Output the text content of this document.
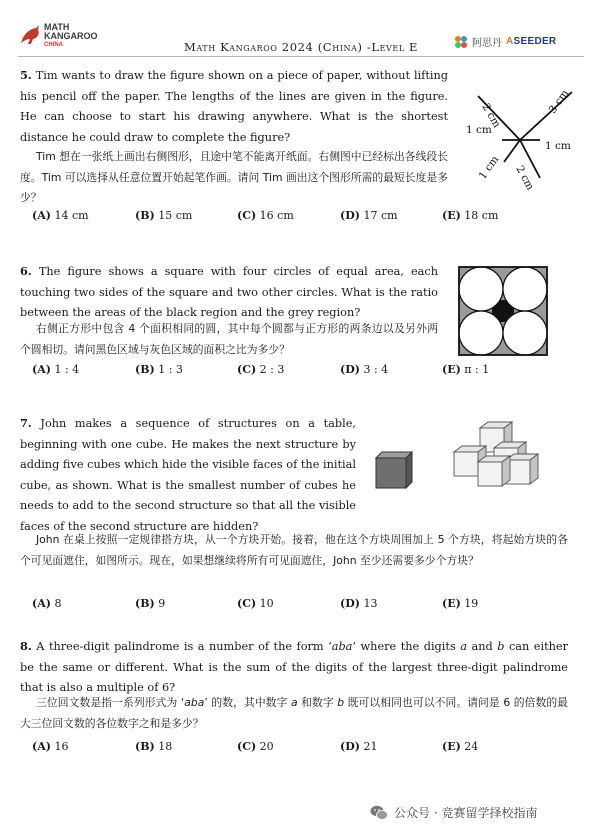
MATH
KANGAROO
CHINA	Math Kangaroo 2024 (China) -Level E	阿思丹 ASEEDER
5. Tim wants to draw the figure shown on a piece of paper, without lifting his pencil off the paper. The lengths of the lines are given in the figure. He can choose to start his drawing anywhere. What is the shortest distance he could draw to complete the figure?
Tim 想在一张纸上画出右侧图形，且途中笔不能离开纸面。右侧图中已经标出各线段长度。Tim 可以选择从任意位置开始起笔作画。请问 Tim 画出这个图形所需的最短长度是多少？
2 cm	3 cm
1 cm
1 cm
1 cm 2 cm
(A) 14 cm	(B) 15 cm	(C) 16 cm	(D) 17 cm	(E) 18 cm
6. The figure shows a square with four circles of equal area, each touching two sides of the square and two other circles. What is the ratio between the areas of the black region and the grey region?
右侧正方形中包含 4 个面积相同的圆，其中每个圆都与正方形的两条边以及另外两个圆相切。请问黑色区域与灰色区域的面积之比为多少？
(A) 1 : 4	(B) 1 : 3	(C) 2 : 3	(D) 3 : 4	(E) π : 1
7. John makes a sequence of structures on a table, beginning with one cube. He makes the next structure by adding five cubes which hide the visible faces of the initial cube, as shown. What is the smallest number of cubes he needs to add to the second structure so that all the visible faces of the second structure are hidden?
John 在桌上按照一定规律搭方块，从一个方块开始。接着，他在这个方块周围加上 5 个方块，将起始方块的各个可见面遮住，如图所示。现在，如果想继续将所有可见面遮住，John 至少还需要多少个方块？
(A) 8	(B) 9	(C) 10	(D) 13	(E) 19
8. A three-digit palindrome is a number of the form ‘aba’ where the digits a and b can either be the same or different. What is the sum of the digits of the largest three-digit palindrome that is also a multiple of 6?
三位回文数是指一系列形式为 ‘aba’ 的数，其中数字 a 和数字 b 既可以相同也可以不同。请问是 6 的倍数的最大三位回文数的各位数字之和是多少？
(A) 16	(B) 18	(C) 20	(D) 21	(E) 24
公众号 · 竞赛留学择校指南
